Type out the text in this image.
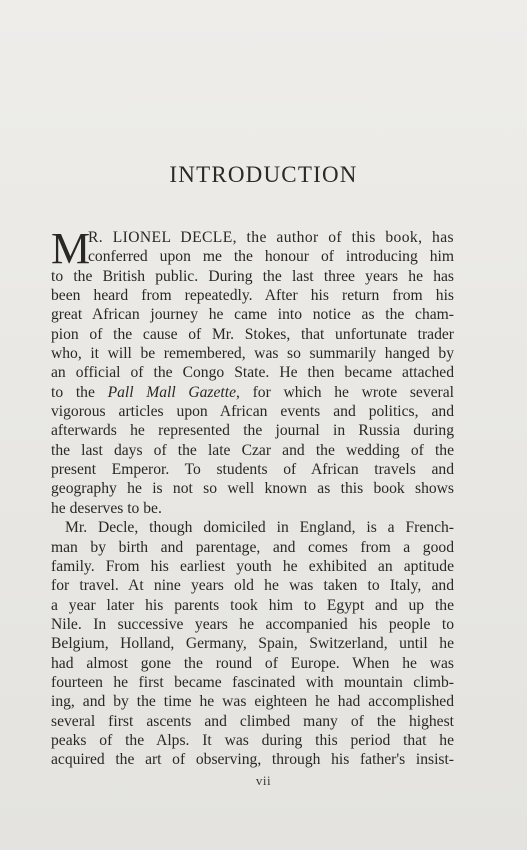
INTRODUCTION
M
R. LIONEL DECLE, the author of this book, has
conferred upon me the honour of introducing him
to the British public. During the last three years he has
been heard from repeatedly. After his return from his
great African journey he came into notice as the cham-
pion of the cause of Mr. Stokes, that unfortunate trader
who, it will be remembered, was so summarily hanged by
an official of the Congo State. He then became attached
to the Pall Mall Gazette, for which he wrote several
vigorous articles upon African events and politics, and
afterwards he represented the journal in Russia during
the last days of the late Czar and the wedding of the
present Emperor. To students of African travels and
geography he is not so well known as this book shows
he deserves to be.
Mr. Decle, though domiciled in England, is a French-
man by birth and parentage, and comes from a good
family. From his earliest youth he exhibited an aptitude
for travel. At nine years old he was taken to Italy, and
a year later his parents took him to Egypt and up the
Nile. In successive years he accompanied his people to
Belgium, Holland, Germany, Spain, Switzerland, until he
had almost gone the round of Europe. When he was
fourteen he first became fascinated with mountain climb-
ing, and by the time he was eighteen he had accomplished
several first ascents and climbed many of the highest
peaks of the Alps. It was during this period that he
acquired the art of observing, through his father's insist-
vii
